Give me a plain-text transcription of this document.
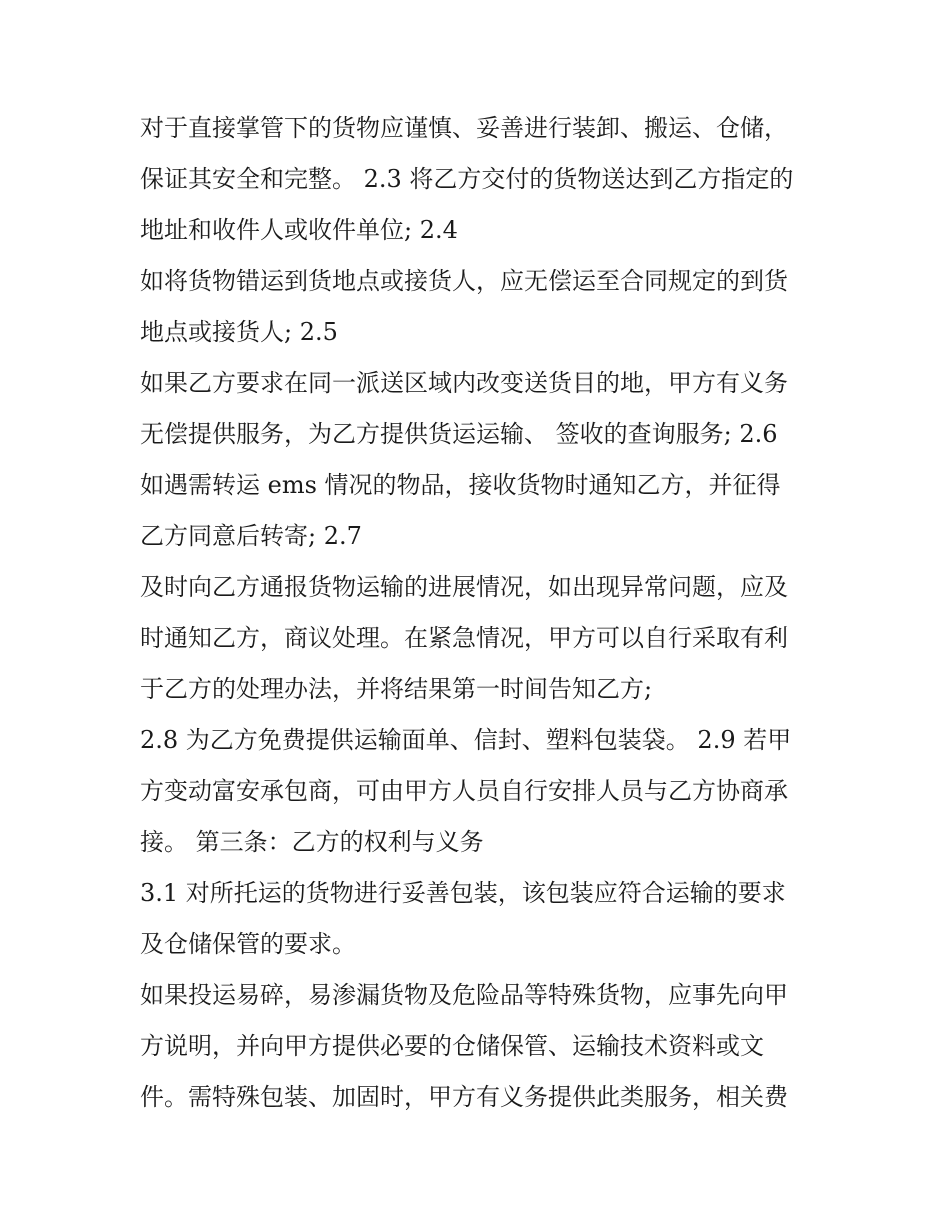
对于直接掌管下的货物应谨慎、妥善进行装卸、搬运、仓储，
保证其安全和完整。 2.3 将乙方交付的货物送达到乙方指定的
地址和收件人或收件单位; 2.4
如将货物错运到货地点或接货人，应无偿运至合同规定的到货
地点或接货人; 2.5
如果乙方要求在同一派送区域内改变送货目的地，甲方有义务
无偿提供服务，为乙方提供货运运输、 签收的查询服务; 2.6
如遇需转运 ems 情况的物品，接收货物时通知乙方，并征得
乙方同意后转寄; 2.7
及时向乙方通报货物运输的进展情况，如出现异常问题，应及
时通知乙方，商议处理。在紧急情况，甲方可以自行采取有利
于乙方的处理办法，并将结果第一时间告知乙方;
2.8 为乙方免费提供运输面单、信封、塑料包装袋。 2.9 若甲
方变动富安承包商，可由甲方人员自行安排人员与乙方协商承
接。 第三条：乙方的权利与义务
3.1 对所托运的货物进行妥善包装，该包装应符合运输的要求
及仓储保管的要求。
如果投运易碎，易渗漏货物及危险品等特殊货物，应事先向甲
方说明，并向甲方提供必要的仓储保管、运输技术资料或文
件。需特殊包装、加固时，甲方有义务提供此类服务，相关费
